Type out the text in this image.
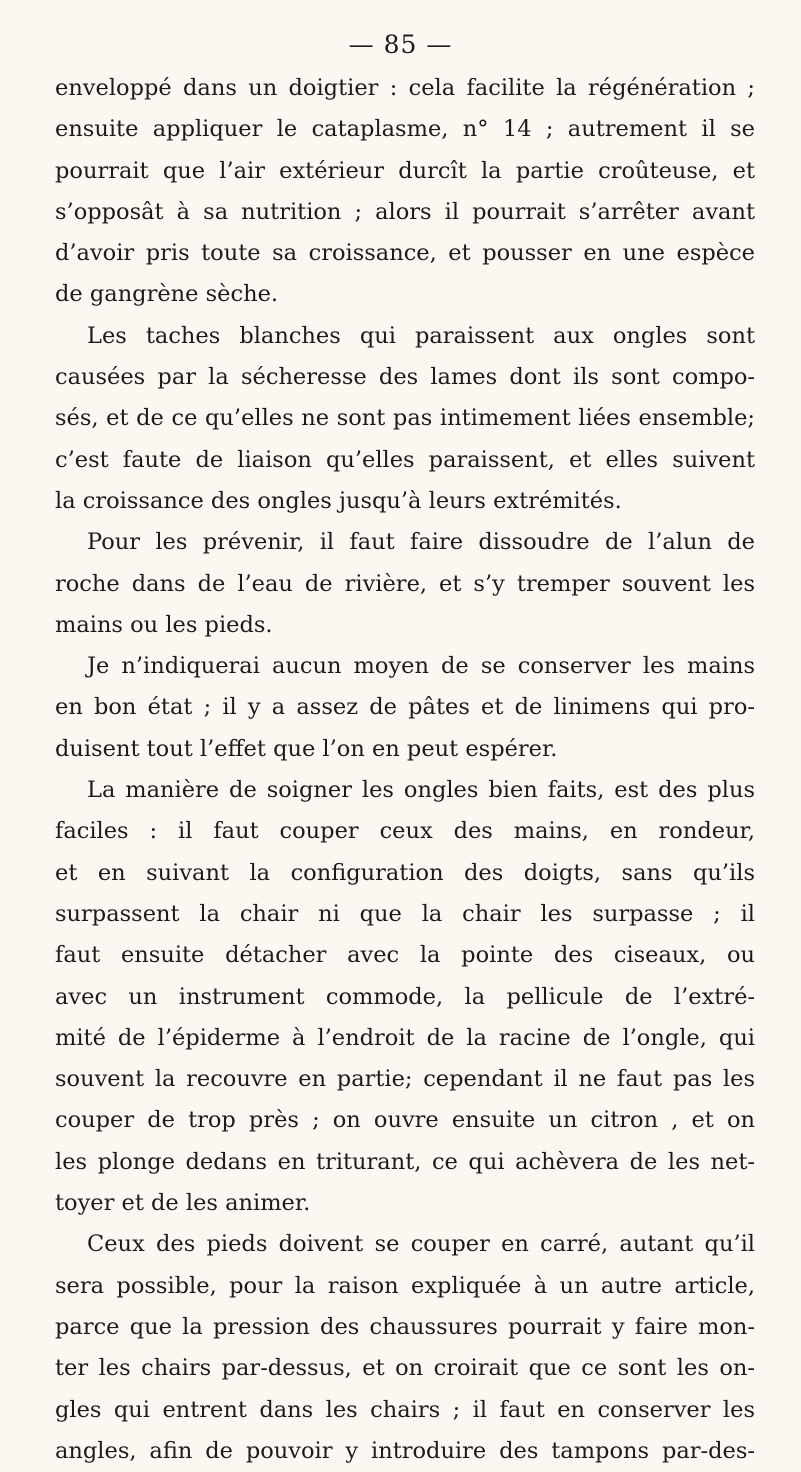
— 85 —
enveloppé dans un doigtier : cela facilite la régénération ;
ensuite appliquer le cataplasme, n° 14 ; autrement il se
pourrait que l’air extérieur durcît la partie croûteuse, et
s’opposât à sa nutrition ; alors il pourrait s’arrêter avant
d’avoir pris toute sa croissance, et pousser en une espèce
de gangrène sèche.
Les taches blanches qui paraissent aux ongles sont
causées par la sécheresse des lames dont ils sont compo-
sés, et de ce qu’elles ne sont pas intimement liées ensemble;
c’est faute de liaison qu’elles paraissent, et elles suivent
la croissance des ongles jusqu’à leurs extrémités.
Pour les prévenir, il faut faire dissoudre de l’alun de
roche dans de l’eau de rivière, et s’y tremper souvent les
mains ou les pieds.
Je n’indiquerai aucun moyen de se conserver les mains
en bon état ; il y a assez de pâtes et de linimens qui pro-
duisent tout l’effet que l’on en peut espérer.
La manière de soigner les ongles bien faits, est des plus
faciles : il faut couper ceux des mains, en rondeur,
et en suivant la configuration des doigts, sans qu’ils
surpassent la chair ni que la chair les surpasse ; il
faut ensuite détacher avec la pointe des ciseaux, ou
avec un instrument commode, la pellicule de l’extré-
mité de l’épiderme à l’endroit de la racine de l’ongle, qui
souvent la recouvre en partie; cependant il ne faut pas les
couper de trop près ; on ouvre ensuite un citron , et on
les plonge dedans en triturant, ce qui achèvera de les net-
toyer et de les animer.
Ceux des pieds doivent se couper en carré, autant qu’il
sera possible, pour la raison expliquée à un autre article,
parce que la pression des chaussures pourrait y faire mon-
ter les chairs par-dessus, et on croirait que ce sont les on-
gles qui entrent dans les chairs ; il faut en conserver les
angles, afin de pouvoir y introduire des tampons par-des-
